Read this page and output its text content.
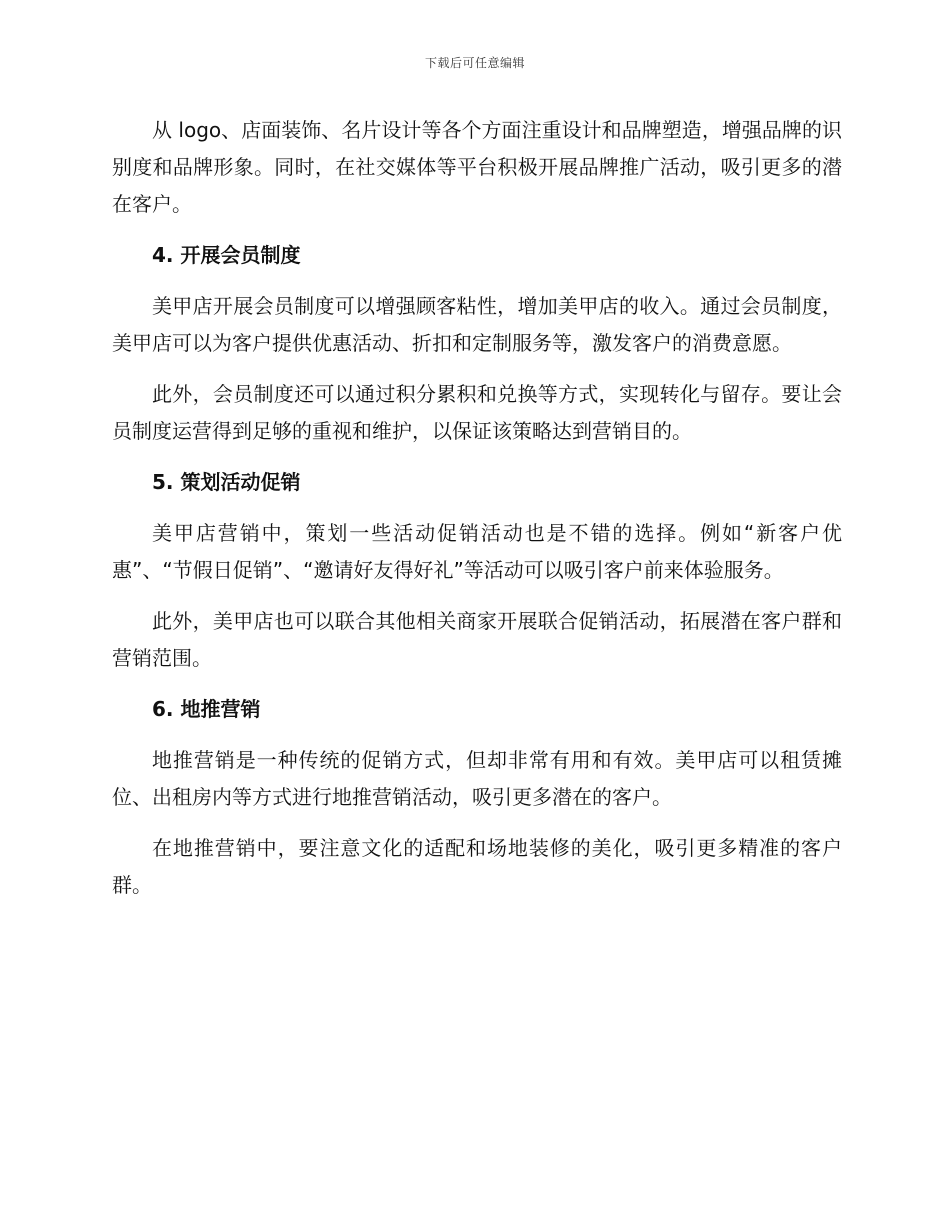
下载后可任意编辑

从 logo、店面装饰、名片设计等各个方面注重设计和品牌塑造，增强品牌的识别度和品牌形象。同时，在社交媒体等平台积极开展品牌推广活动，吸引更多的潜在客户。

4. 开展会员制度

美甲店开展会员制度可以增强顾客粘性，增加美甲店的收入。通过会员制度，美甲店可以为客户提供优惠活动、折扣和定制服务等，激发客户的消费意愿。

此外，会员制度还可以通过积分累积和兑换等方式，实现转化与留存。要让会员制度运营得到足够的重视和维护，以保证该策略达到营销目的。

5. 策划活动促销

美甲店营销中，策划一些活动促销活动也是不错的选择。例如“新客户优惠”、“节假日促销”、“邀请好友得好礼”等活动可以吸引客户前来体验服务。

此外，美甲店也可以联合其他相关商家开展联合促销活动，拓展潜在客户群和营销范围。

6. 地推营销

地推营销是一种传统的促销方式，但却非常有用和有效。美甲店可以租赁摊位、出租房内等方式进行地推营销活动，吸引更多潜在的客户。

在地推营销中，要注意文化的适配和场地装修的美化，吸引更多精准的客户群。
